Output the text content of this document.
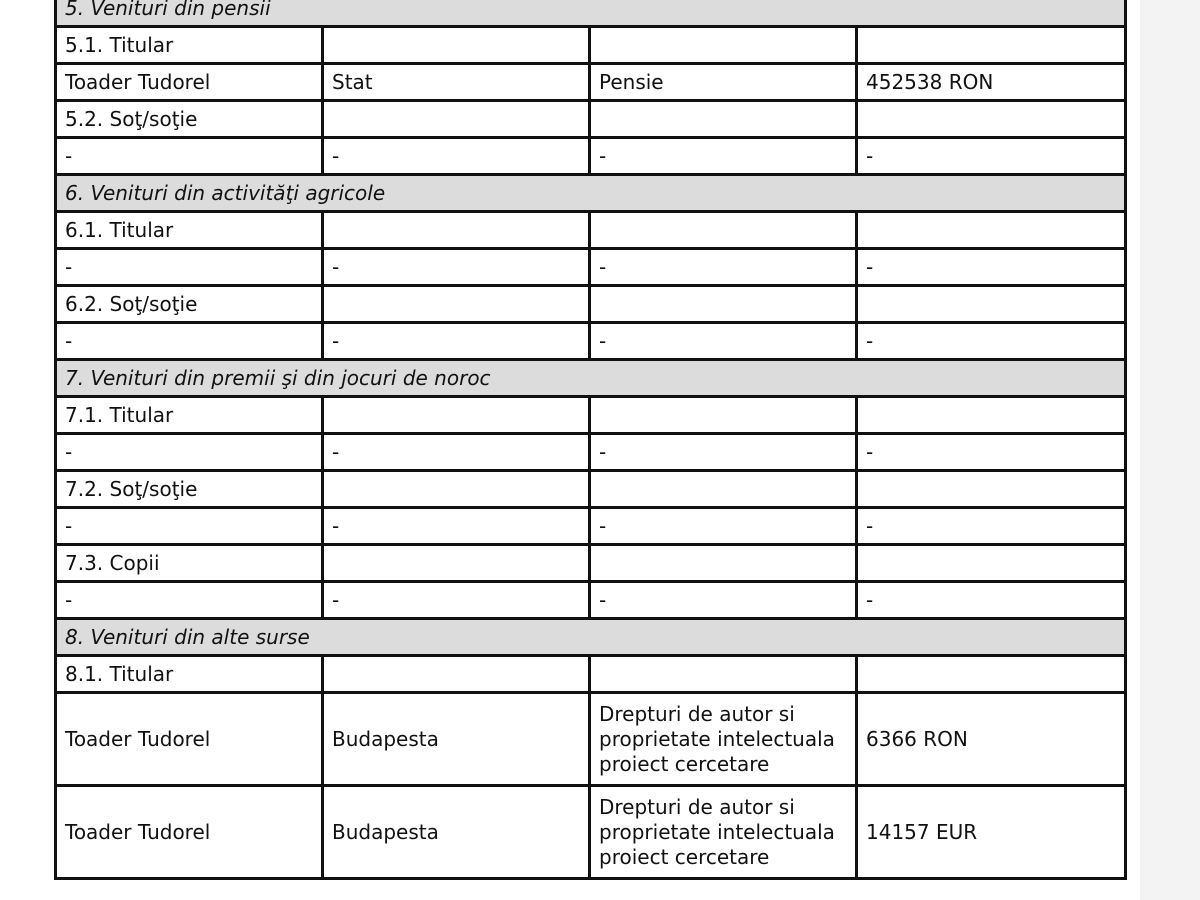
5. Venituri din pensii			
5.1. Titular			
Toader Tudorel	Stat	Pensie	452538 RON
5.2. Soţ/soţie			
-	-	-	-
6. Venituri din activităţi agricole			
6.1. Titular			
-	-	-	-
6.2. Soţ/soţie			
-	-	-	-
7. Venituri din premii şi din jocuri de noroc			
7.1. Titular			
-	-	-	-
7.2. Soţ/soţie			
-	-	-	-
7.3. Copii			
-	-	-	-
8. Venituri din alte surse			
8.1. Titular			
Toader Tudorel	Budapesta	Drepturi de autor si proprietate intelectuala proiect cercetare	6366 RON
Toader Tudorel	Budapesta	Drepturi de autor si proprietate intelectuala proiect cercetare	14157 EUR
